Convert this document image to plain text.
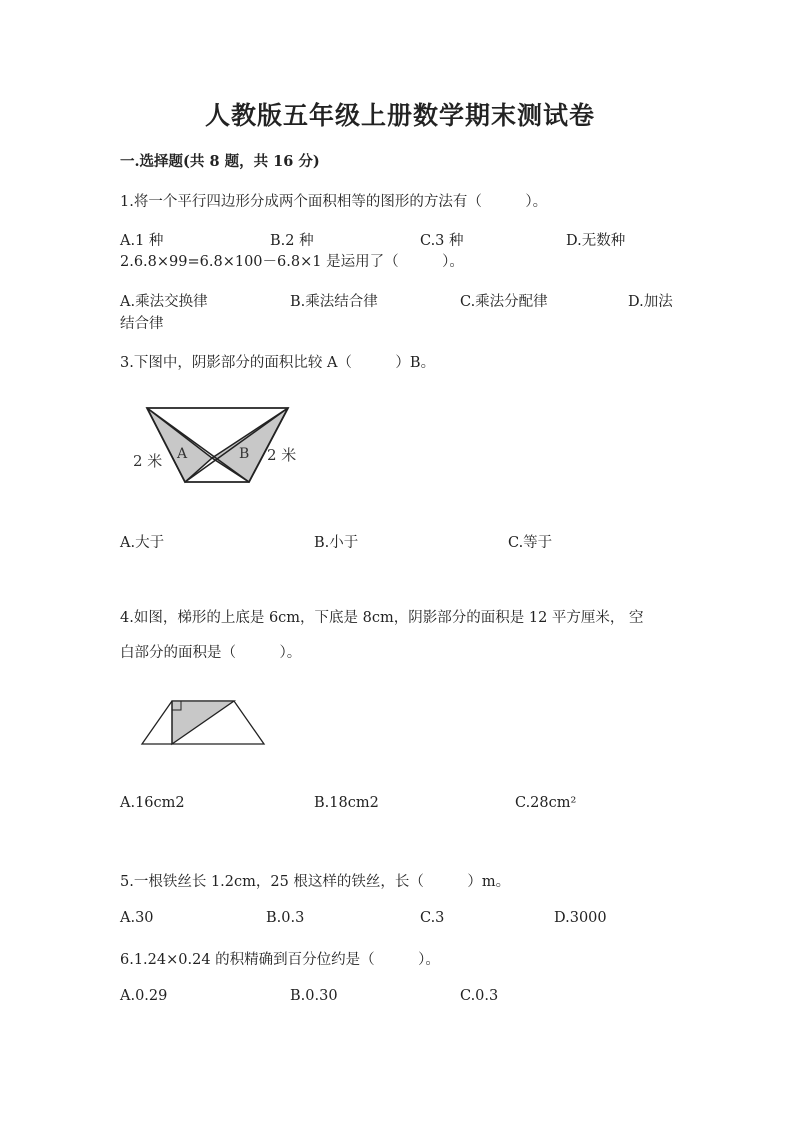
人教版五年级上册数学期末测试卷
一.选择题(共 8 题，共 16 分)
1.将一个平行四边形分成两个面积相等的图形的方法有（　　　）。
A.1 种	B.2 种	C.3 种	D.无数种
2.6.8×99=6.8×100－6.8×1 是运用了（　　　）。
A.乘法交换律	B.乘法结合律	C.乘法分配律	D.加法
结合律
3.下图中，阴影部分的面积比较 A（　　　）B。
A	B
2 米	2 米
A.大于	B.小于	C.等于
4.如图，梯形的上底是 6cm，下底是 8cm，阴影部分的面积是 12 平方厘米， 空
白部分的面积是（　　　）。
A.16cm2	B.18cm2	C.28cm²
5.一根铁丝长 1.2cm，25 根这样的铁丝，长（　　　）m。
A.30	B.0.3	C.3	D.3000
6.1.24×0.24 的积精确到百分位约是（　　　）。
A.0.29	B.0.30	C.0.3
